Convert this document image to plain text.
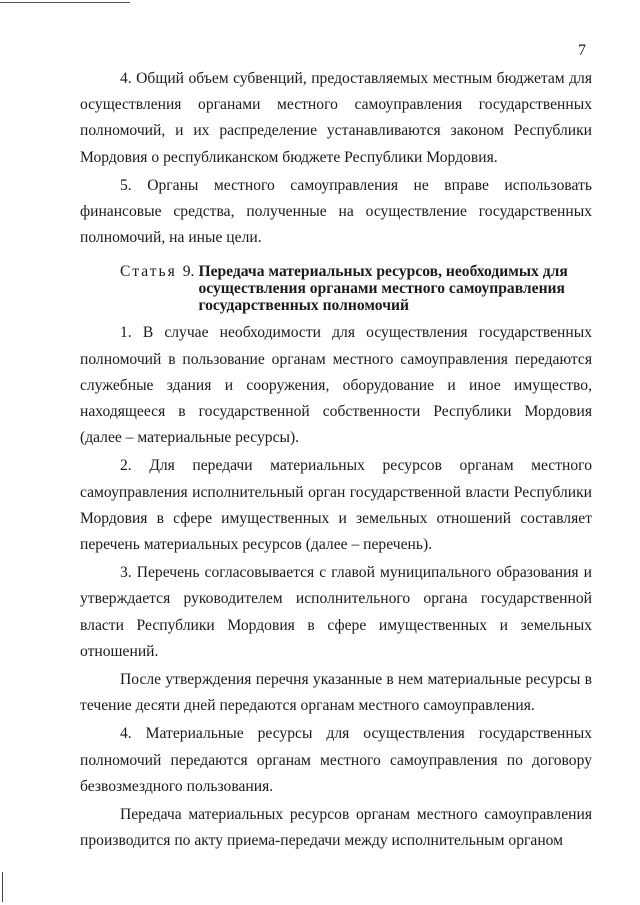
7

4. Общий объем субвенций, предоставляемых местным бюджетам для осуществления органами местного самоуправления государственных полномочий, и их распределение устанавливаются законом Республики Мордовия о республиканском бюджете Республики Мордовия.

5. Органы местного самоуправления не вправе использовать финансовые средства, полученные на осуществление государственных полномочий, на иные цели.

Статья 9. Передача материальных ресурсов, необходимых для осуществления органами местного самоуправления государственных полномочий

1. В случае необходимости для осуществления государственных полномочий в пользование органам местного самоуправления передаются служебные здания и сооружения, оборудование и иное имущество, находящееся в государственной собственности Республики Мордовия (далее – материальные ресурсы).

2. Для передачи материальных ресурсов органам местного самоуправления исполнительный орган государственной власти Республики Мордовия в сфере имущественных и земельных отношений составляет перечень материальных ресурсов (далее – перечень).

3. Перечень согласовывается с главой муниципального образования и утверждается руководителем исполнительного органа государственной власти Республики Мордовия в сфере имущественных и земельных отношений.

После утверждения перечня указанные в нем материальные ресурсы в течение десяти дней передаются органам местного самоуправления.

4. Материальные ресурсы для осуществления государственных полномочий передаются органам местного самоуправления по договору безвозмездного пользования.

Передача материальных ресурсов органам местного самоуправления производится по акту приема-передачи между исполнительным органом
